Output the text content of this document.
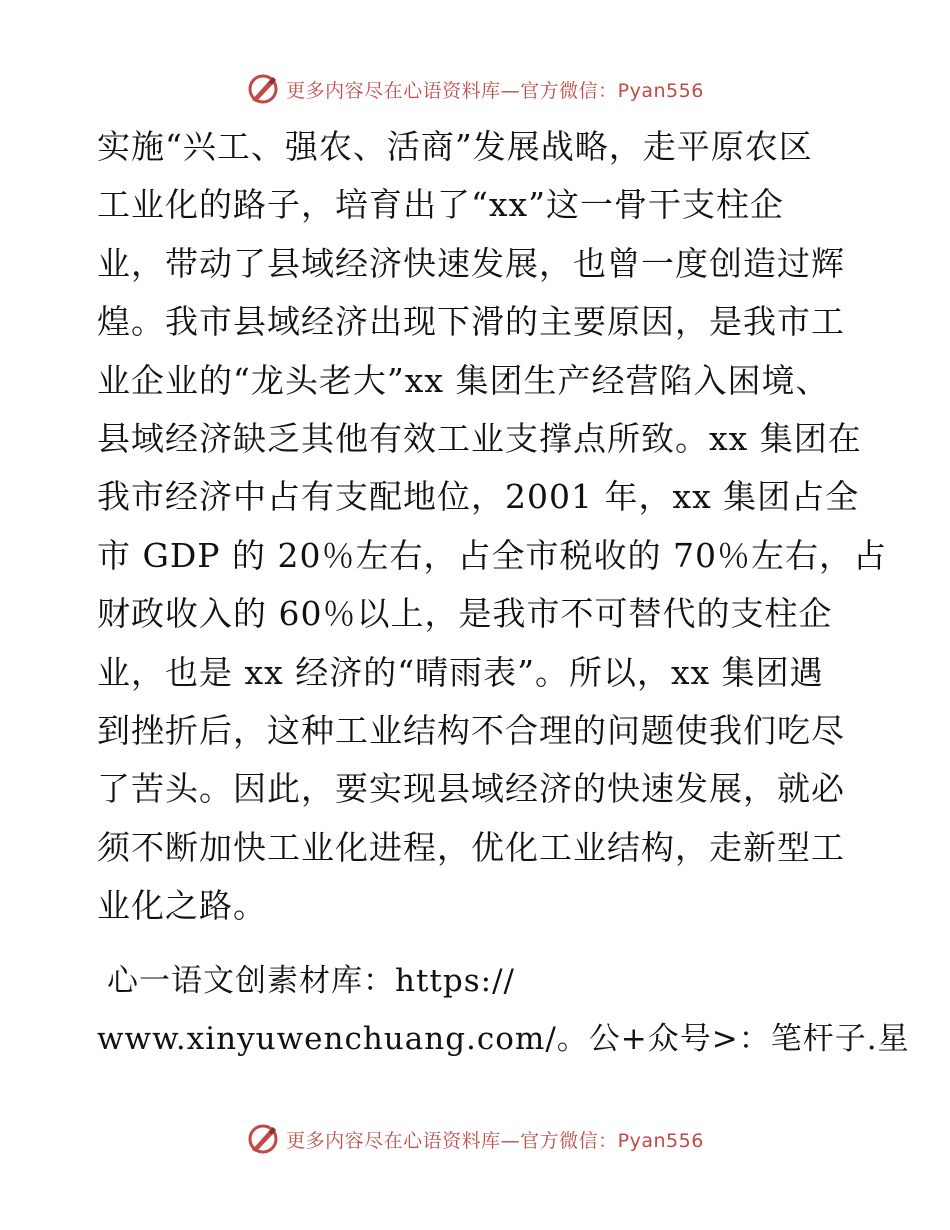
更多内容尽在心语资料库—官方微信：Pyan556
实施“兴工、强农、活商”发展战略，走平原农区
工业化的路子，培育出了“xx”这一骨干支柱企
业，带动了县域经济快速发展，也曾一度创造过辉
煌。我市县域经济出现下滑的主要原因，是我市工
业企业的“龙头老大”xx 集团生产经营陷入困境、
县域经济缺乏其他有效工业支撑点所致。xx 集团在
我市经济中占有支配地位，2001 年，xx 集团占全
市 GDP 的 20％左右，占全市税收的 70％左右，占
财政收入的 60％以上，是我市不可替代的支柱企
业，也是 xx 经济的“晴雨表”。所以，xx 集团遇
到挫折后，这种工业结构不合理的问题使我们吃尽
了苦头。因此，要实现县域经济的快速发展，就必
须不断加快工业化进程，优化工业结构，走新型工
业化之路。
心一语文创素材库：https://
www.xinyuwenchuang.com/。公+众号>：笔杆子.星
更多内容尽在心语资料库—官方微信：Pyan556
